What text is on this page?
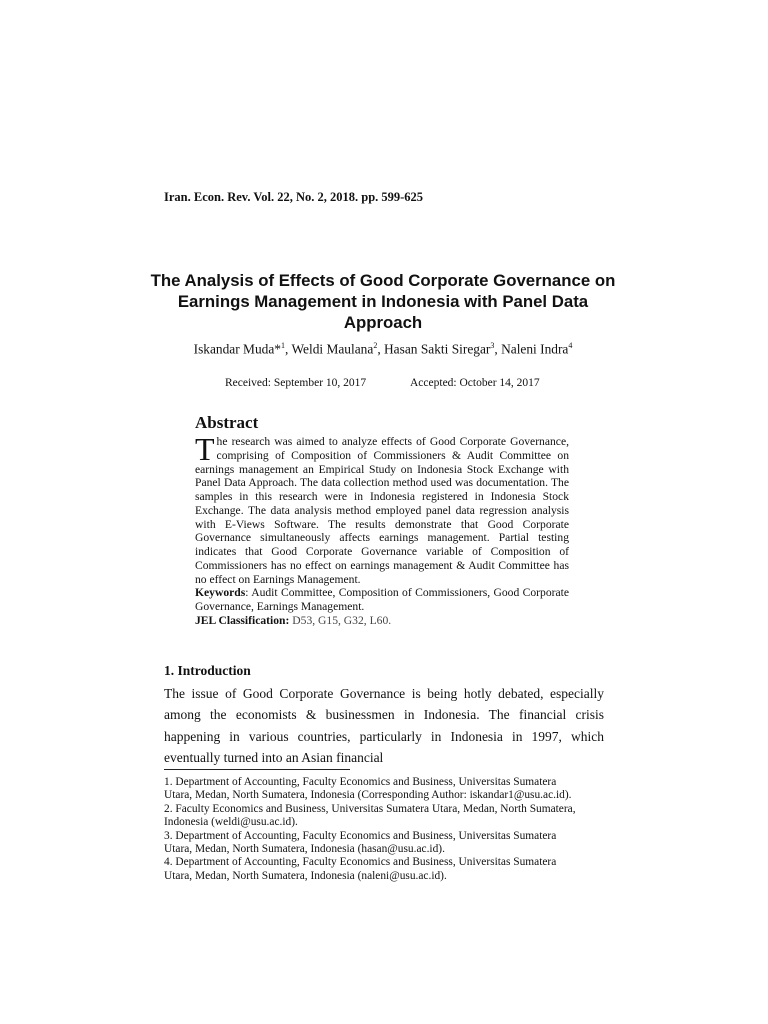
Iran. Econ. Rev. Vol. 22, No. 2, 2018. pp. 599-625
The Analysis of Effects of Good Corporate Governance on Earnings Management in Indonesia with Panel Data Approach
Iskandar Muda*$^1$, Weldi Maulana$^2$, Hasan Sakti Siregar$^3$, Naleni Indra$^4$
Received: September 10, 2017	Accepted: October 14, 2017
Abstract

The research was aimed to analyze effects of Good Corporate Governance, comprising of Composition of Commissioners & Audit Committee on earnings management an Empirical Study on Indonesia Stock Exchange with Panel Data Approach. The data collection method used was documentation. The samples in this research were in Indonesia registered in Indonesia Stock Exchange. The data analysis method employed panel data regression analysis with E-Views Software. The results demonstrate that Good Corporate Governance simultaneously affects earnings management. Partial testing indicates that Good Corporate Governance variable of Composition of Commissioners has no effect on earnings management & Audit Committee has no effect on Earnings Management.

Keywords: Audit Committee, Composition of Commissioners, Good Corporate Governance, Earnings Management.

JEL Classification: D53, G15, G32, L60.

1. Introduction

The issue of Good Corporate Governance is being hotly debated, especially among the economists & businessmen in Indonesia. The financial crisis happening in various countries, particularly in Indonesia in 1997, which eventually turned into an Asian financial

1. Department of Accounting, Faculty Economics and Business, Universitas Sumatera Utara, Medan, North Sumatera, Indonesia (Corresponding Author: iskandar1@usu.ac.id).

2. Faculty Economics and Business, Universitas Sumatera Utara, Medan, North Sumatera, Indonesia (weldi@usu.ac.id).

3. Department of Accounting, Faculty Economics and Business, Universitas Sumatera Utara, Medan, North Sumatera, Indonesia (hasan@usu.ac.id).

4. Department of Accounting, Faculty Economics and Business, Universitas Sumatera Utara, Medan, North Sumatera, Indonesia (naleni@usu.ac.id).
